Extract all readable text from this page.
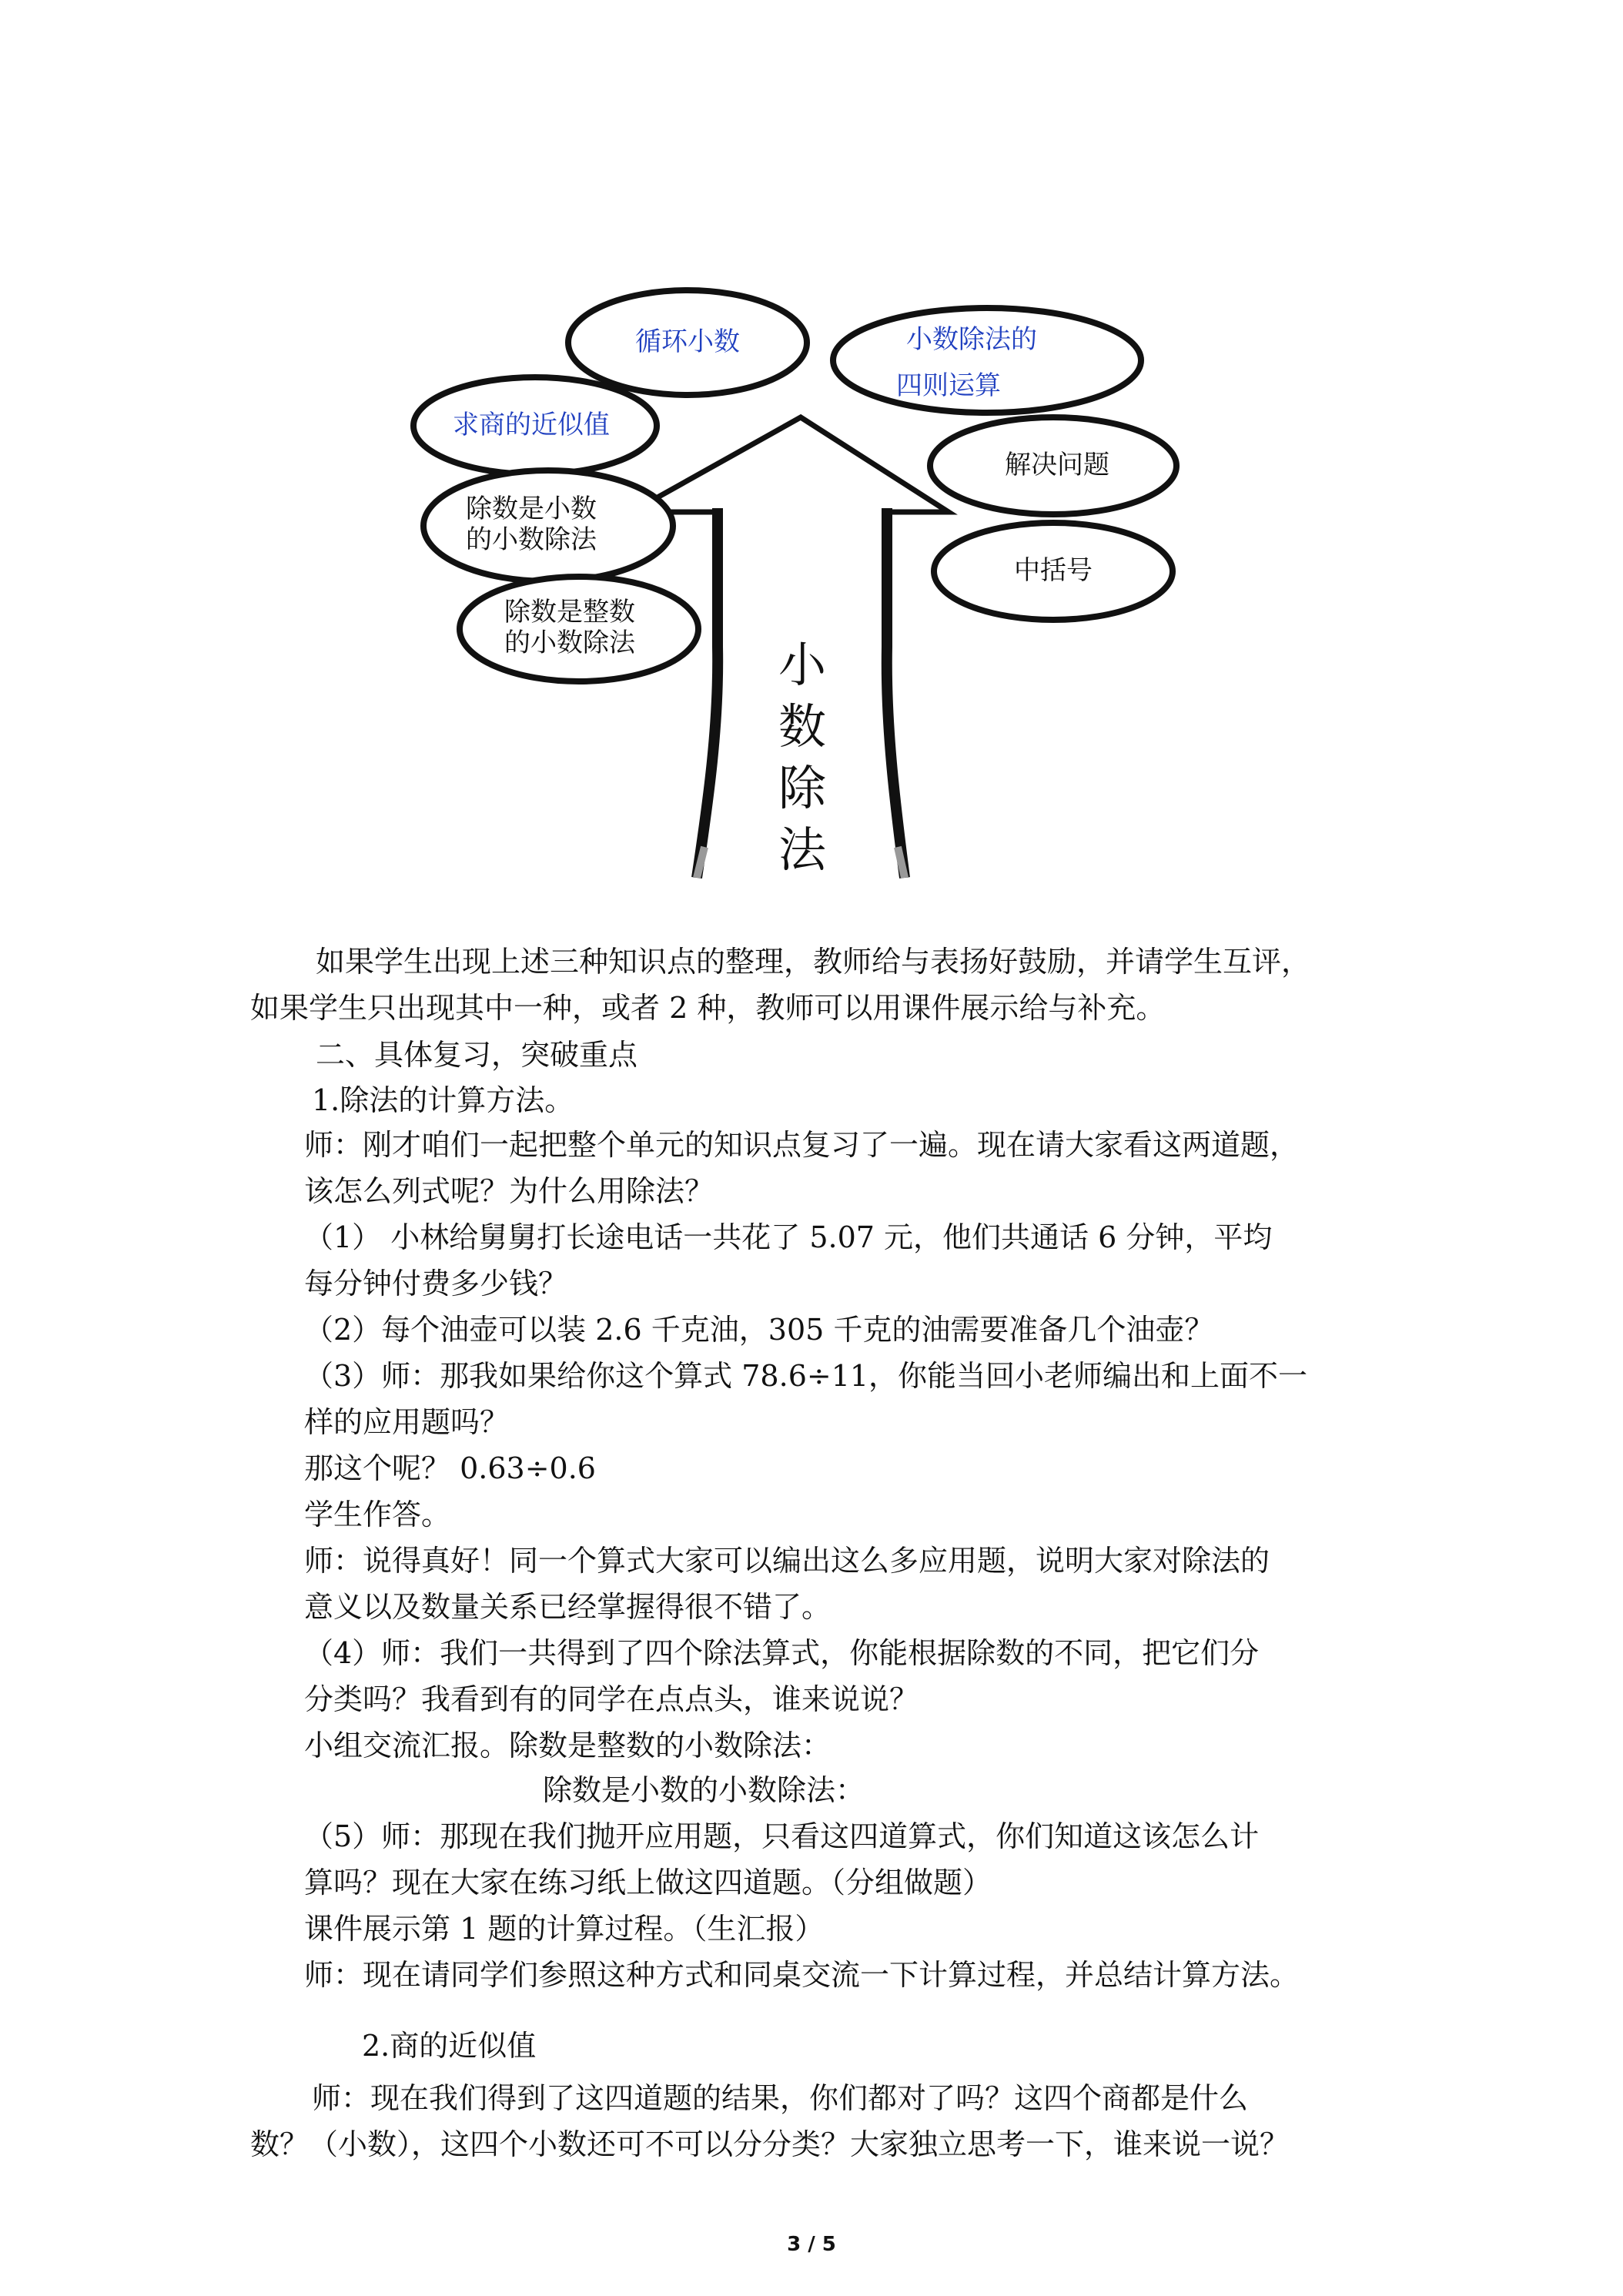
小
数
除
法
循环小数
求商的近似值
小数除法的
四则运算
解决问题
中括号
除数是小数
的小数除法
除数是整数
的小数除法
如果学生出现上述三种知识点的整理，教师给与表扬好鼓励，并请学生互评，
如果学生只出现其中一种，或者 2 种，教师可以用课件展示给与补充。
二、具体复习，突破重点
1.除法的计算方法。
师：刚才咱们一起把整个单元的知识点复习了一遍。现在请大家看这两道题，
该怎么列式呢？为什么用除法？
（1） 小林给舅舅打长途电话一共花了 5.07 元，他们共通话 6 分钟，平均
每分钟付费多少钱？
（2）每个油壶可以装 2.6 千克油，305 千克的油需要准备几个油壶？
（3）师：那我如果给你这个算式 78.6÷11，你能当回小老师编出和上面不一
样的应用题吗？
那这个呢？ 0.63÷0.6
学生作答。
师：说得真好！同一个算式大家可以编出这么多应用题，说明大家对除法的
意义以及数量关系已经掌握得很不错了。
（4）师：我们一共得到了四个除法算式，你能根据除数的不同，把它们分
分类吗？我看到有的同学在点点头，谁来说说？
小组交流汇报。除数是整数的小数除法：
除数是小数的小数除法：
（5）师：那现在我们抛开应用题，只看这四道算式，你们知道这该怎么计
算吗？现在大家在练习纸上做这四道题。（分组做题）
课件展示第 1 题的计算过程。（生汇报）
师：现在请同学们参照这种方式和同桌交流一下计算过程，并总结计算方法。
2.商的近似值
师：现在我们得到了这四道题的结果，你们都对了吗？这四个商都是什么
数？（小数），这四个小数还可不可以分分类？大家独立思考一下，谁来说一说？
3 / 5
